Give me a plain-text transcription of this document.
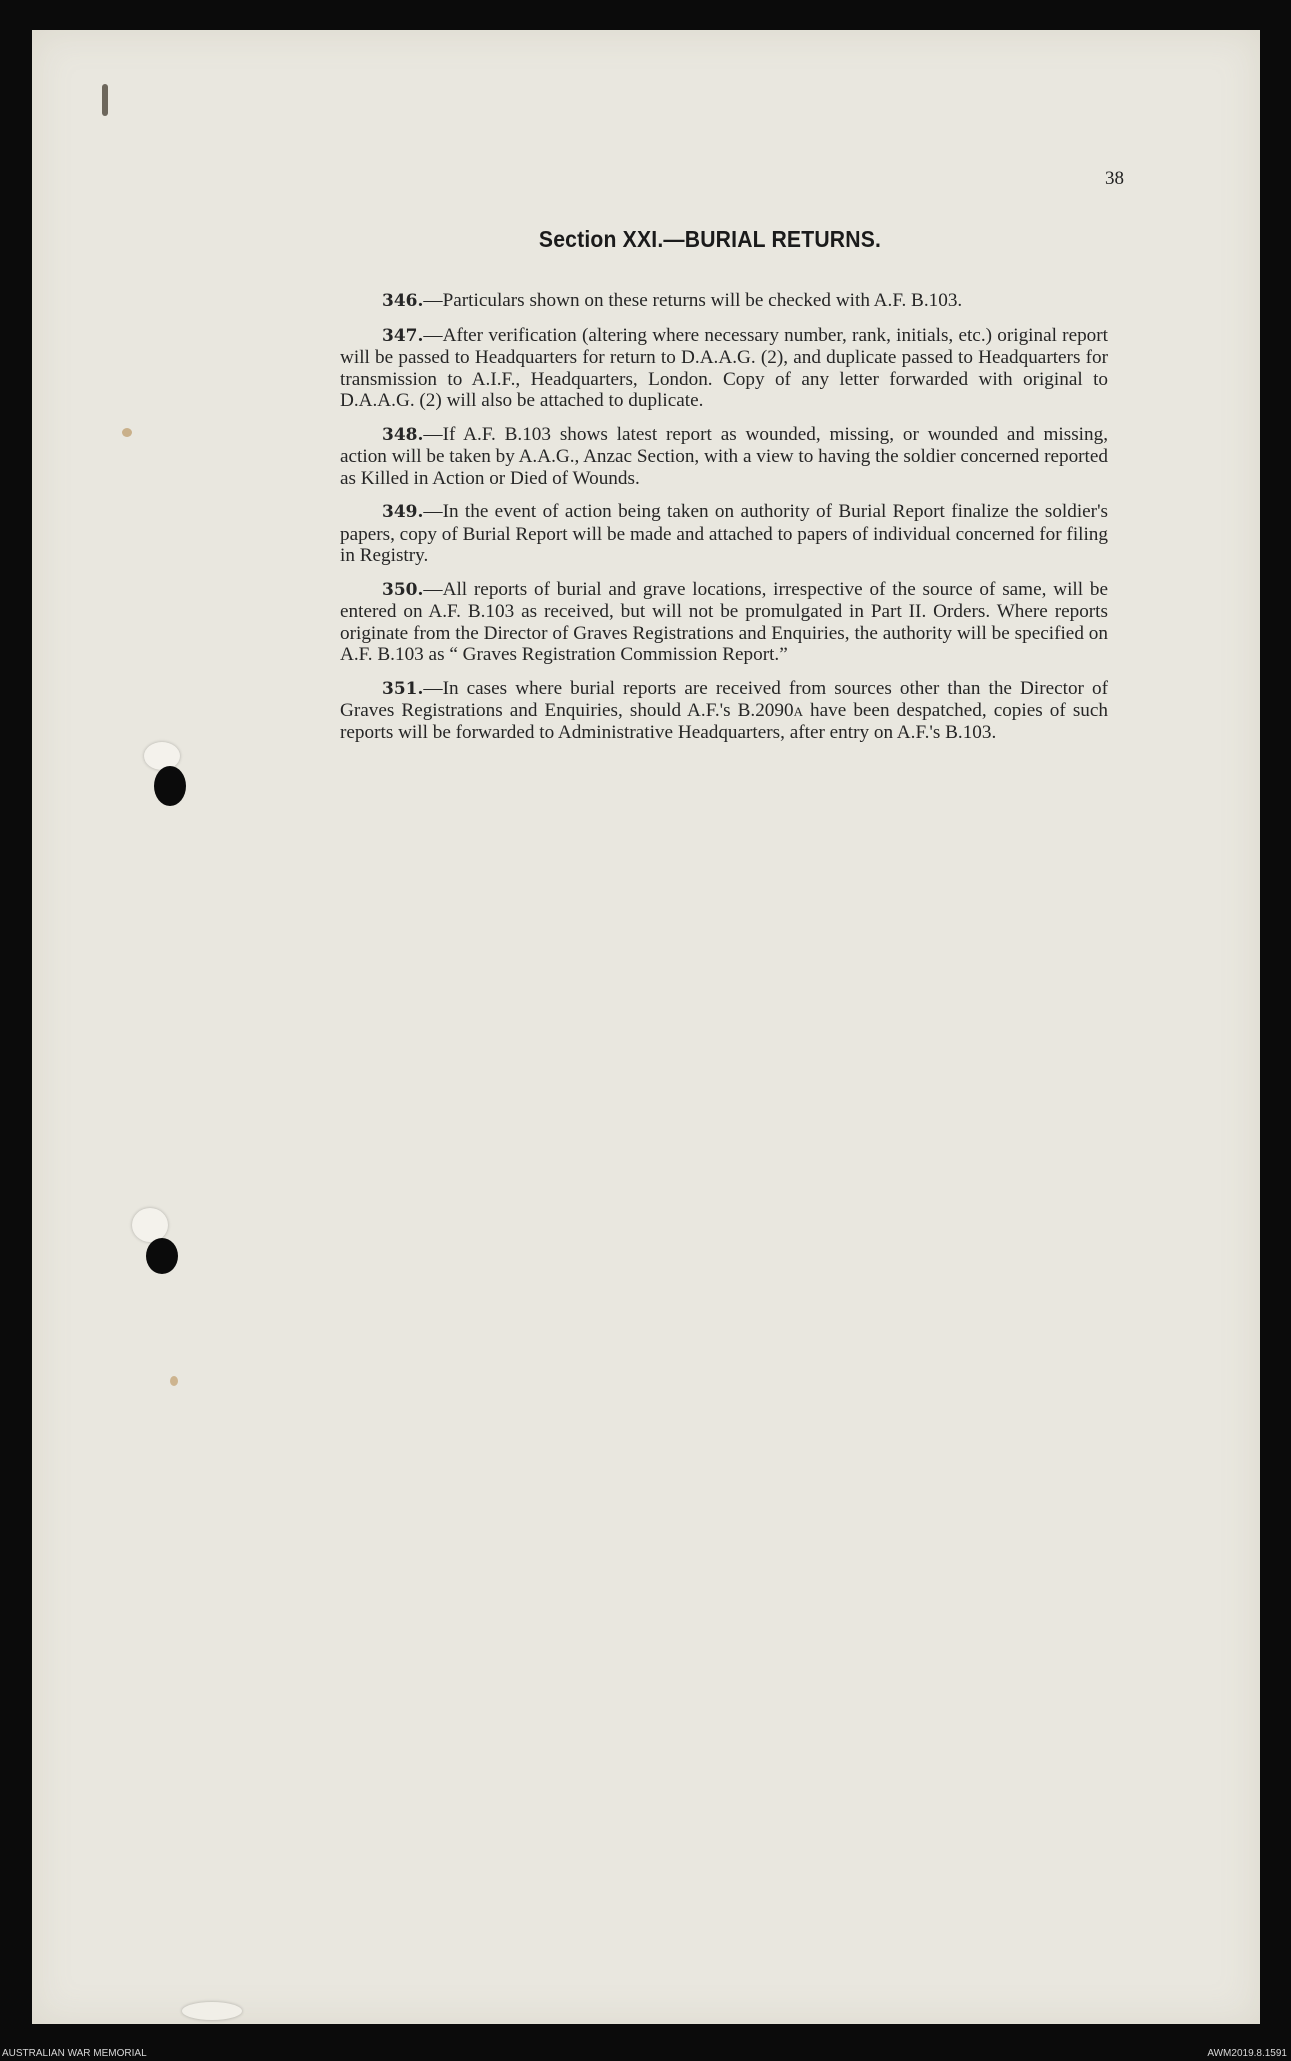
38
Section XXI.—BURIAL RETURNS.

346.—Particulars shown on these returns will be checked with A.F. B.103.

347.—After verification (altering where necessary number, rank, initials, etc.) original report will be passed to Headquarters for return to D.A.A.G. (2), and duplicate passed to Headquarters for transmission to A.I.F., Headquarters, London. Copy of any letter forwarded with original to D.A.A.G. (2) will also be attached to duplicate.

348.—If A.F. B.103 shows latest report as wounded, missing, or wounded and missing, action will be taken by A.A.G., Anzac Section, with a view to having the soldier concerned reported as Killed in Action or Died of Wounds.

349.—In the event of action being taken on authority of Burial Report finalize the soldier's papers, copy of Burial Report will be made and attached to papers of individual concerned for filing in Registry.

350.—All reports of burial and grave locations, irrespective of the source of same, will be entered on A.F. B.103 as received, but will not be promulgated in Part II. Orders. Where reports originate from the Director of Graves Registrations and Enquiries, the authority will be specified on A.F. B.103 as “ Graves Registration Commission Report.”

351.—In cases where burial reports are received from sources other than the Director of Graves Registrations and Enquiries, should A.F.'s B.2090a have been despatched, copies of such reports will be forwarded to Administrative Headquarters, after entry on A.F.'s B.103.

AUSTRALIAN WAR MEMORIAL	AWM2019.8.1591
